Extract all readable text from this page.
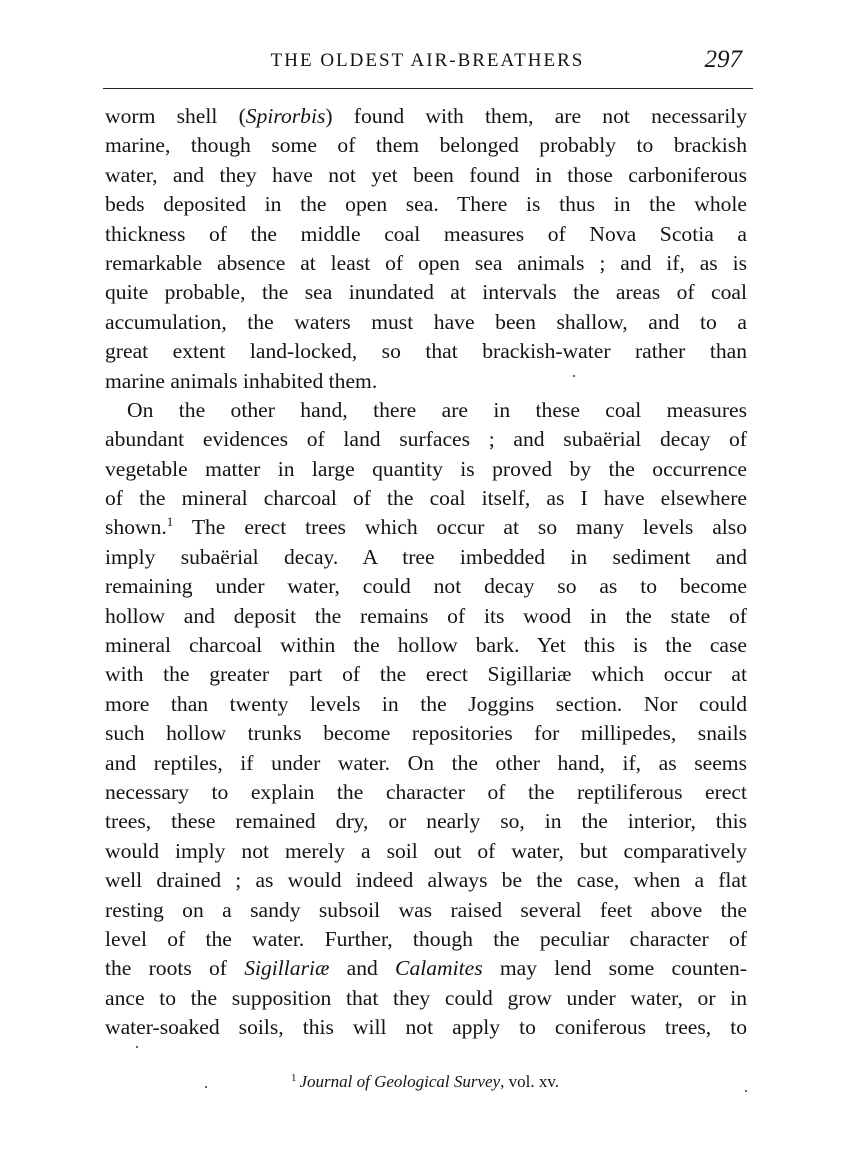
THE OLDEST AIR-BREATHERS	297
worm shell (Spirorbis) found with them, are not necessarily
marine, though some of them belonged probably to brackish
water, and they have not yet been found in those carboniferous
beds deposited in the open sea. There is thus in the whole
thickness of the middle coal measures of Nova Scotia a
remarkable absence at least of open sea animals ; and if, as is
quite probable, the sea inundated at intervals the areas of coal
accumulation, the waters must have been shallow, and to a
great extent land-locked, so that brackish-water rather than
marine animals inhabited them.
On the other hand, there are in these coal measures
abundant evidences of land surfaces ; and subaërial decay of
vegetable matter in large quantity is proved by the occurrence
of the mineral charcoal of the coal itself, as I have elsewhere
shown.$^1$ The erect trees which occur at so many levels also
imply subaërial decay. A tree imbedded in sediment and
remaining under water, could not decay so as to become
hollow and deposit the remains of its wood in the state of
mineral charcoal within the hollow bark. Yet this is the case
with the greater part of the erect Sigillariæ which occur at
more than twenty levels in the Joggins section. Nor could
such hollow trunks become repositories for millipedes, snails
and reptiles, if under water. On the other hand, if, as seems
necessary to explain the character of the reptiliferous erect
trees, these remained dry, or nearly so, in the interior, this
would imply not merely a soil out of water, but comparatively
well drained ; as would indeed always be the case, when a flat
resting on a sandy subsoil was raised several feet above the
level of the water. Further, though the peculiar character of
the roots of Sigillariæ and Calamites may lend some counten-
ance to the supposition that they could grow under water, or in
water-soaked soils, this will not apply to coniferous trees, to
$^1$ Journal of Geological Survey, vol. xv.
